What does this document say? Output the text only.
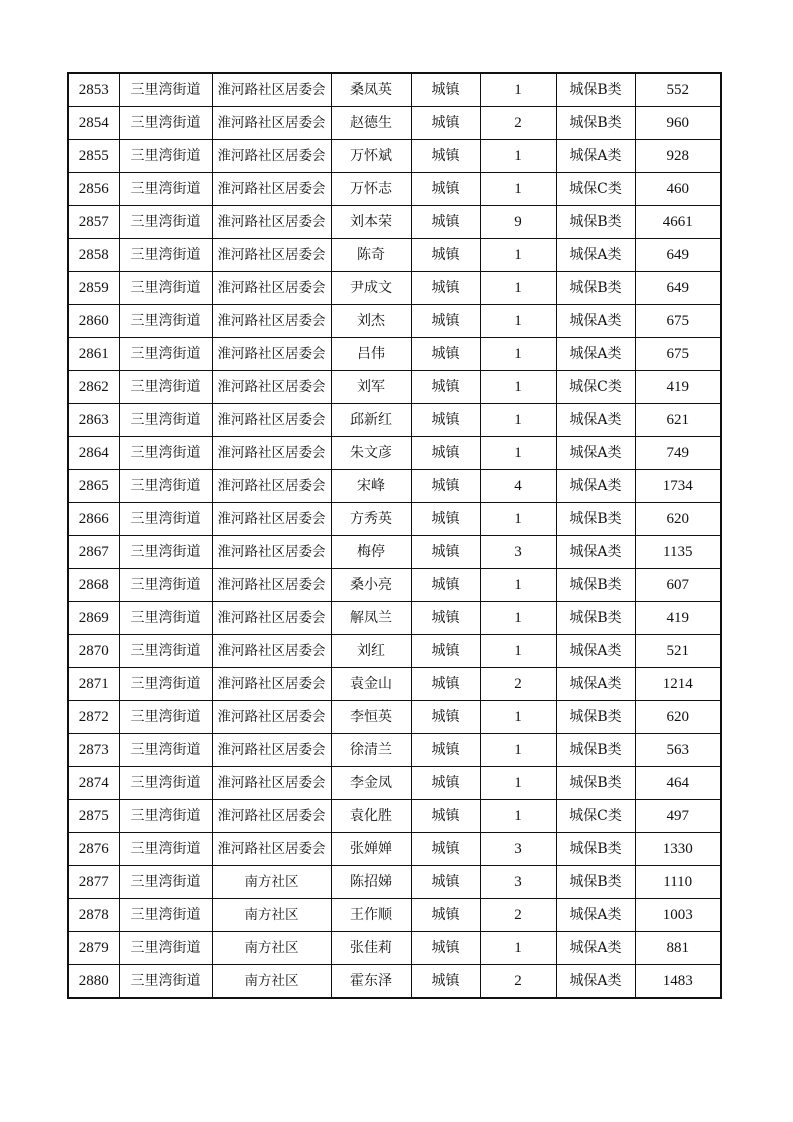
2853	三里湾街道	淮河路社区居委会	桑凤英	城镇	1	城保B类	552
2854	三里湾街道	淮河路社区居委会	赵德生	城镇	2	城保B类	960
2855	三里湾街道	淮河路社区居委会	万怀斌	城镇	1	城保A类	928
2856	三里湾街道	淮河路社区居委会	万怀志	城镇	1	城保C类	460
2857	三里湾街道	淮河路社区居委会	刘本荣	城镇	9	城保B类	4661
2858	三里湾街道	淮河路社区居委会	陈奇	城镇	1	城保A类	649
2859	三里湾街道	淮河路社区居委会	尹成文	城镇	1	城保B类	649
2860	三里湾街道	淮河路社区居委会	刘杰	城镇	1	城保A类	675
2861	三里湾街道	淮河路社区居委会	吕伟	城镇	1	城保A类	675
2862	三里湾街道	淮河路社区居委会	刘军	城镇	1	城保C类	419
2863	三里湾街道	淮河路社区居委会	邱新红	城镇	1	城保A类	621
2864	三里湾街道	淮河路社区居委会	朱文彦	城镇	1	城保A类	749
2865	三里湾街道	淮河路社区居委会	宋峰	城镇	4	城保A类	1734
2866	三里湾街道	淮河路社区居委会	方秀英	城镇	1	城保B类	620
2867	三里湾街道	淮河路社区居委会	梅停	城镇	3	城保A类	1135
2868	三里湾街道	淮河路社区居委会	桑小亮	城镇	1	城保B类	607
2869	三里湾街道	淮河路社区居委会	解凤兰	城镇	1	城保B类	419
2870	三里湾街道	淮河路社区居委会	刘红	城镇	1	城保A类	521
2871	三里湾街道	淮河路社区居委会	袁金山	城镇	2	城保A类	1214
2872	三里湾街道	淮河路社区居委会	李恒英	城镇	1	城保B类	620
2873	三里湾街道	淮河路社区居委会	徐清兰	城镇	1	城保B类	563
2874	三里湾街道	淮河路社区居委会	李金凤	城镇	1	城保B类	464
2875	三里湾街道	淮河路社区居委会	袁化胜	城镇	1	城保C类	497
2876	三里湾街道	淮河路社区居委会	张婵婵	城镇	3	城保B类	1330
2877	三里湾街道	南方社区	陈招娣	城镇	3	城保B类	1110
2878	三里湾街道	南方社区	王作顺	城镇	2	城保A类	1003
2879	三里湾街道	南方社区	张佳莉	城镇	1	城保A类	881
2880	三里湾街道	南方社区	霍东泽	城镇	2	城保A类	1483
